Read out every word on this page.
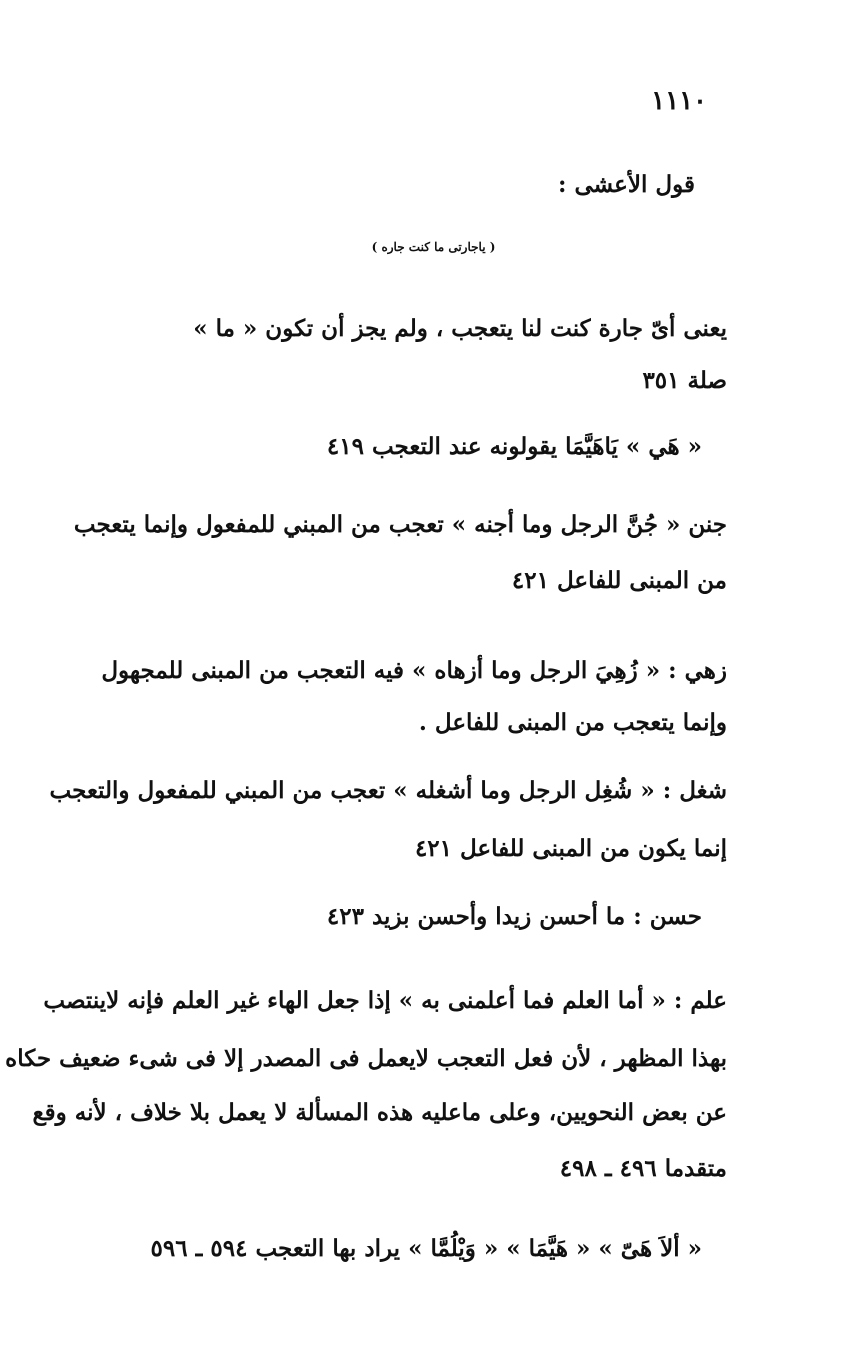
١١١٠
قول الأعشى :
( ياجارتى ما كنت جاره )
يعنى أىّ جارة كنت لنا يتعجب ، ولم يجز أن تكون « ما »
صلة ٣٥١
« هَي » يَاهَيَّمَا يقولونه عند التعجب ٤١٩
جنن « جُنَّ الرجل وما أجنه » تعجب من المبني للمفعول وإنما يتعجب
من المبنى للفاعل ٤٢١
زهي : « زُهِيَ الرجل وما أزهاه » فيه التعجب من المبنى للمجهول
وإنما يتعجب من المبنى للفاعل .
شغل : « شُغِل الرجل وما أشغله » تعجب من المبني للمفعول والتعجب
إنما يكون من المبنى للفاعل ٤٢١
حسن : ما أحسن زيدا وأحسن بزيد ٤٢٣
علم : « أما العلم فما أعلمنى به » إذا جعل الهاء غير العلم فإنه لاينتصب
بهذا المظهر ، لأن فعل التعجب لايعمل فى المصدر إلا فى شىء ضعيف حكاه
عن بعض النحويين، وعلى ماعليه هذه المسألة لا يعمل بلا خلاف ، لأنه وقع
متقدما ٤٩٦ ـ ٤٩٨
« ألاَ هَىّ » « هَيَّمَا » « وَيْلُمَّا » يراد بها التعجب ٥٩٤ ـ ٥٩٦
